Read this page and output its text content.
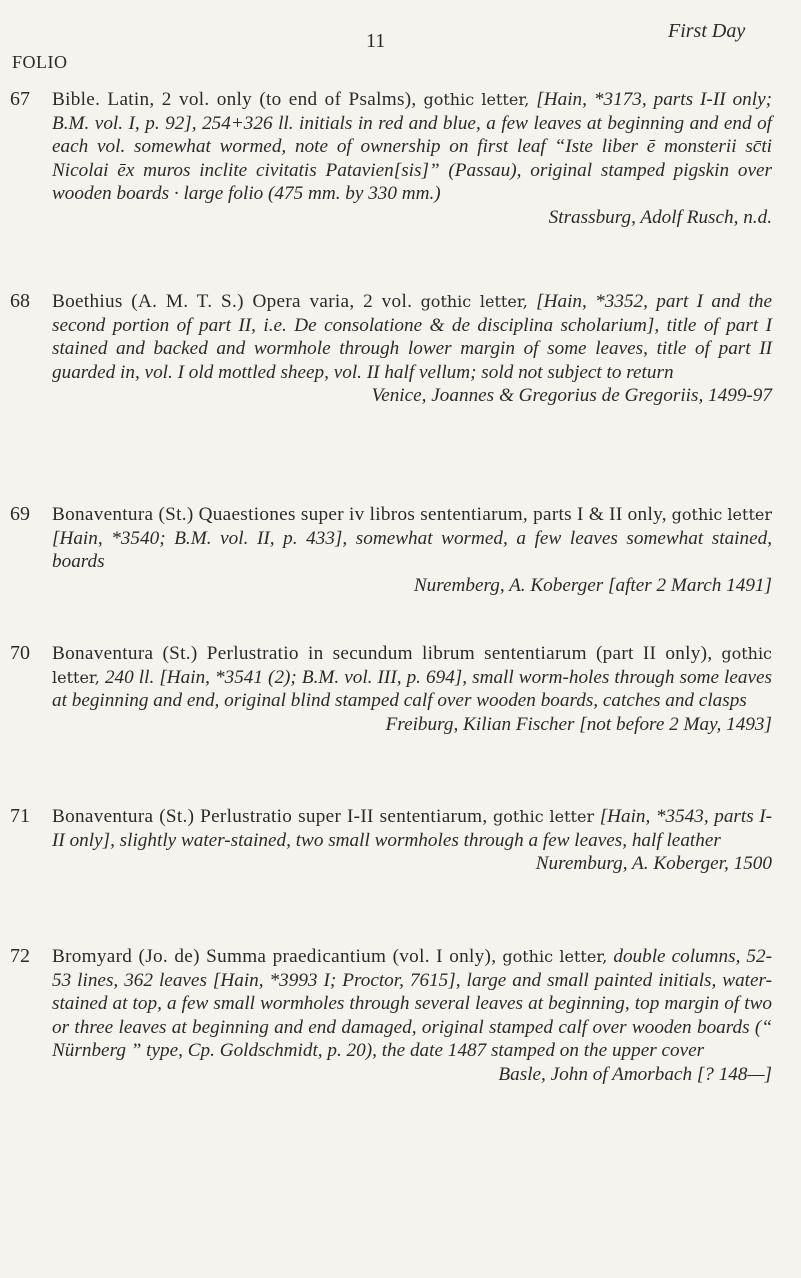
FOLIO
11	First Day
67 Bible. Latin, 2 vol. only (to end of Psalms), gothic letter, [Hain, *3173, parts I-II only; B.M. vol. I, p. 92], 254+326 ll. initials in red and blue, a few leaves at beginning and end of each vol. somewhat wormed, note of ownership on first leaf “Iste liber ē monsterii sc̄ti Nicolai ēx muros inclite civitatis Patavien[sis]” (Passau), original stamped pigskin over wooden boards · large folio (475 mm. by 330 mm.)
Strassburg, Adolf Rusch, n.d.
68 Boethius (A. M. T. S.) Opera varia, 2 vol. gothic letter, [Hain, *3352, part I and the second portion of part II, i.e. De consolatione & de disciplina scholarium], title of part I stained and backed and wormhole through lower margin of some leaves, title of part II guarded in, vol. I old mottled sheep, vol. II half vellum; sold not subject to return
Venice, Joannes & Gregorius de Gregoriis, 1499-97
69 Bonaventura (St.) Quaestiones super iv libros sententiarum, parts I & II only, gothic letter [Hain, *3540; B.M. vol. II, p. 433], somewhat wormed, a few leaves somewhat stained, boards
Nuremberg, A. Koberger [after 2 March 1491]
70 Bonaventura (St.) Perlustratio in secundum librum sententiarum (part II only), gothic letter, 240 ll. [Hain, *3541 (2); B.M. vol. III, p. 694], small worm-holes through some leaves at beginning and end, original blind stamped calf over wooden boards, catches and clasps
Freiburg, Kilian Fischer [not before 2 May, 1493]
71 Bonaventura (St.) Perlustratio super I-II sententiarum, gothic letter [Hain, *3543, parts I-II only], slightly water-stained, two small wormholes through a few leaves, half leather
Nuremburg, A. Koberger, 1500
72 Bromyard (Jo. de) Summa praedicantium (vol. I only), gothic letter, double columns, 52-53 lines, 362 leaves [Hain, *3993 I; Proctor, 7615], large and small painted initials, water-stained at top, a few small wormholes through several leaves at beginning, top margin of two or three leaves at beginning and end damaged, original stamped calf over wooden boards (“ Nürnberg ” type, Cp. Goldschmidt, p. 20), the date 1487 stamped on the upper cover
Basle, John of Amorbach [? 148—]
